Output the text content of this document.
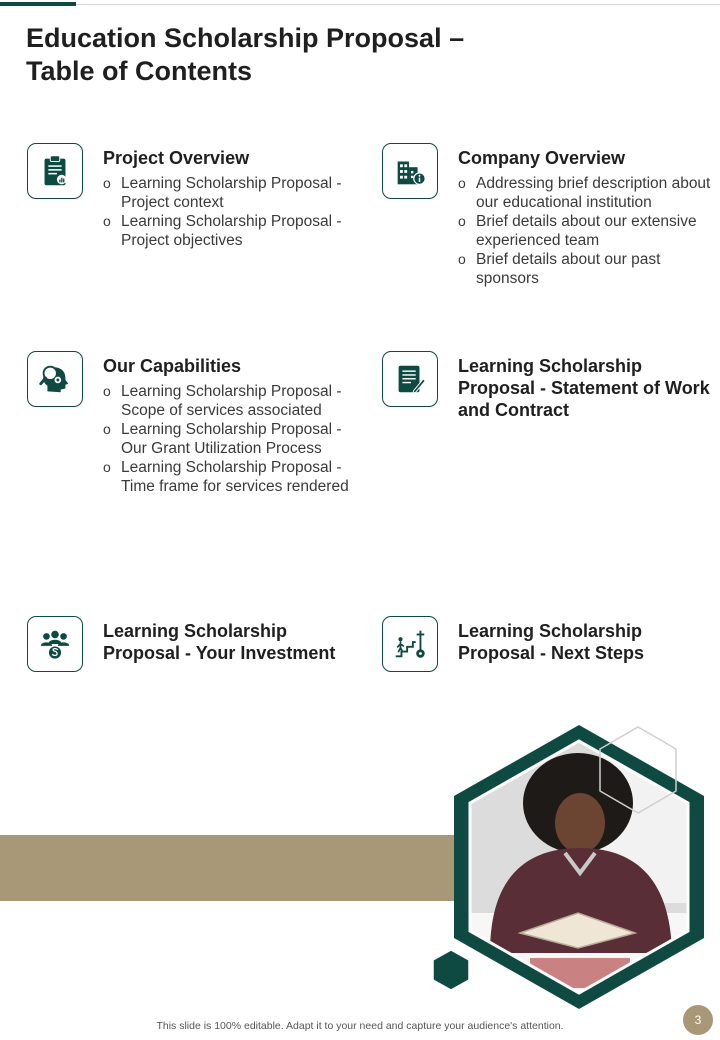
Education Scholarship Proposal –
Table of Contents
Project Overview
o Learning Scholarship Proposal - Project context
o Learning Scholarship Proposal - Project objectives
Company Overview
o Addressing brief description about our educational institution
o Brief details about our extensive experienced team
o Brief details about our past sponsors
Our Capabilities
o Learning Scholarship Proposal - Scope of services associated
o Learning Scholarship Proposal - Our Grant Utilization Process
o Learning Scholarship Proposal - Time frame for services rendered
Learning Scholarship Proposal - Statement of Work and Contract
Learning Scholarship Proposal - Your Investment
Learning Scholarship Proposal - Next Steps
This slide is 100% editable. Adapt it to your need and capture your audience's attention.	3
